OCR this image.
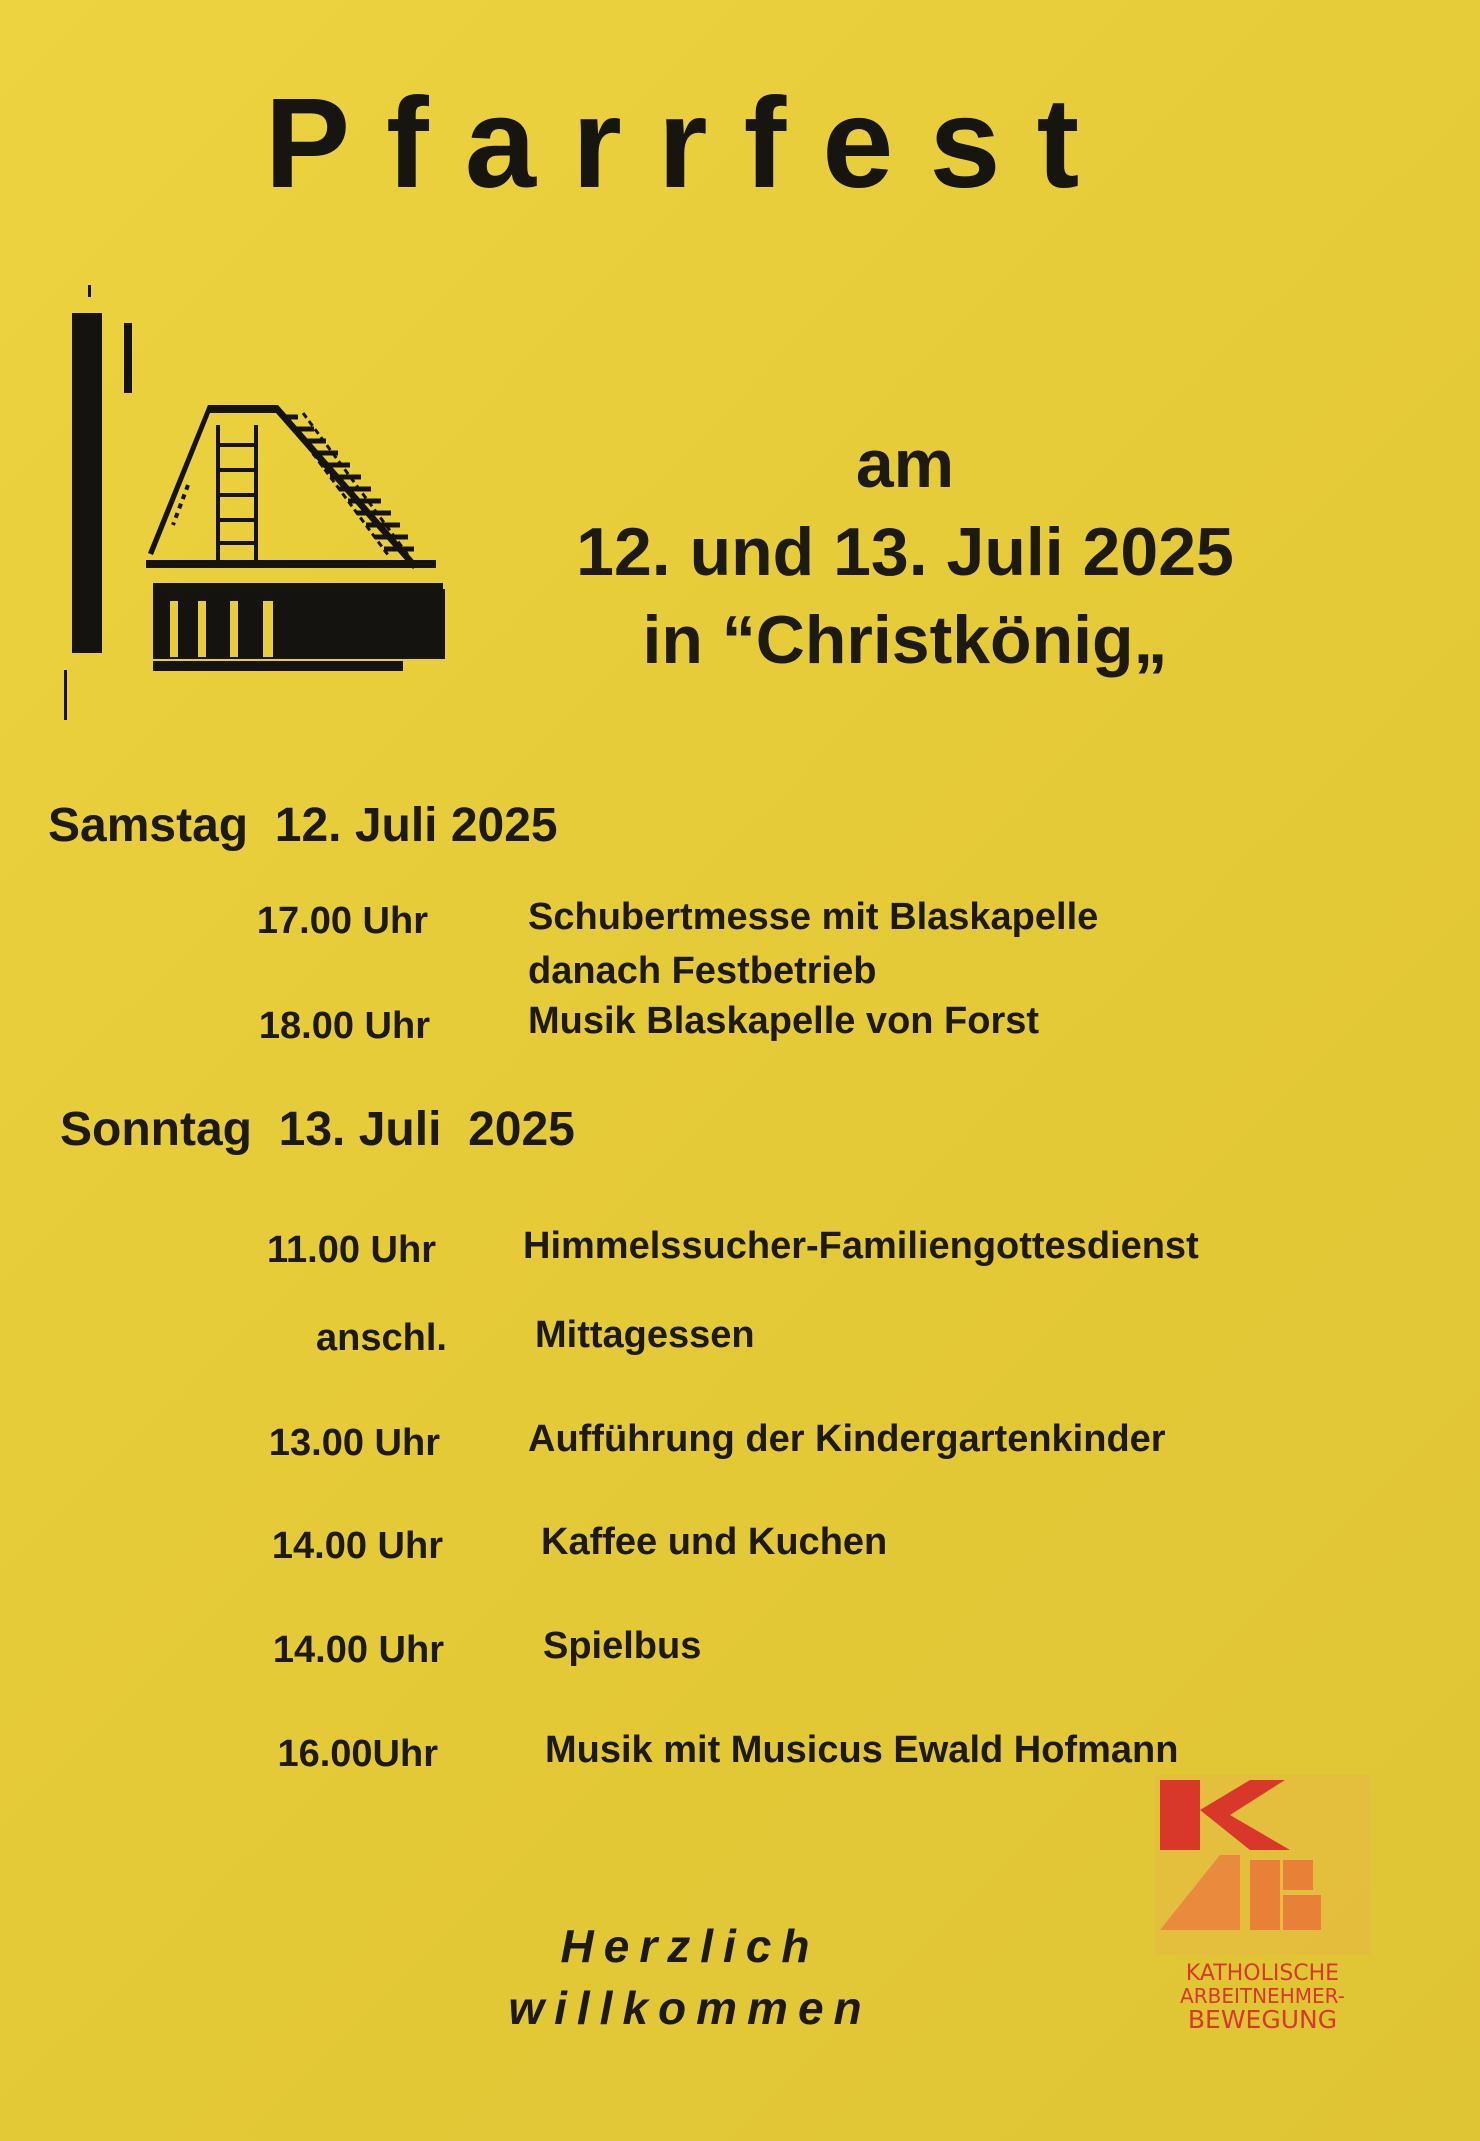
Pfarrfest
am
12. und 13. Juli 2025
in “Christkönig„
Samstag  12. Juli 2025
17.00 Uhr	Schubertmesse mit Blaskapelle
danach Festbetrieb
18.00 Uhr	Musik Blaskapelle von Forst
Sonntag  13. Juli  2025
11.00 Uhr Himmelssucher-Familiengottesdienst
anschl. Mittagessen
13.00 Uhr Aufführung der Kindergartenkinder
14.00 Uhr	Kaffee und Kuchen
14.00 Uhr	Spielbus
16.00Uhr	Musik mit Musicus Ewald Hofmann
Herzlich
willkommen
KATHOLISCHE
ARBEITNEHMER-
BEWEGUNG
